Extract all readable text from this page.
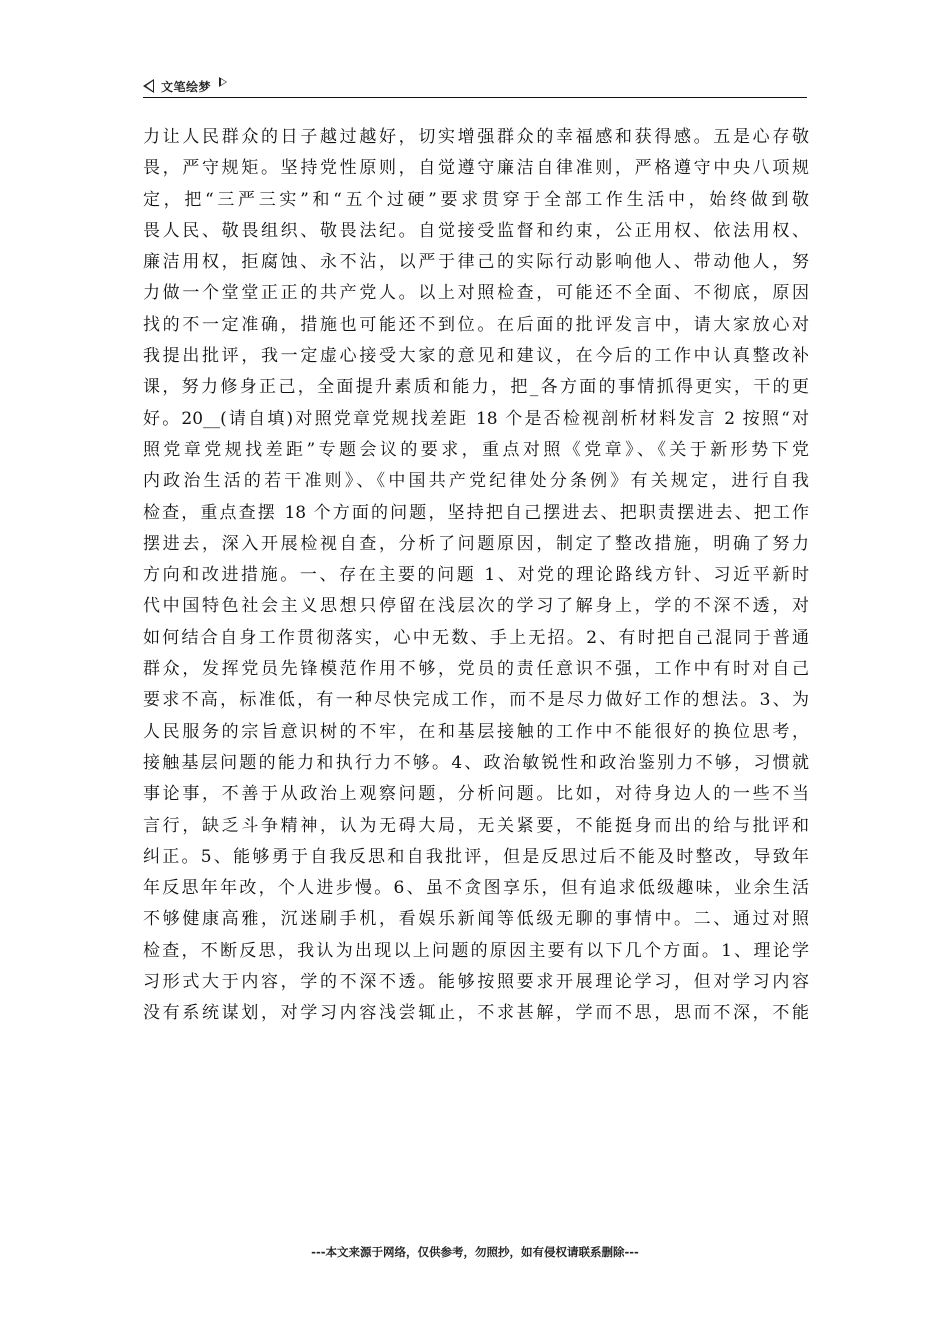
文笔绘梦
力让人民群众的日子越过越好，切实增强群众的幸福感和获得感。五是心存敬
畏，严守规矩。坚持党性原则，自觉遵守廉洁自律准则，严格遵守中央八项规
定，把“三严三实”和“五个过硬”要求贯穿于全部工作生活中，始终做到敬
畏人民、敬畏组织、敬畏法纪。自觉接受监督和约束，公正用权、依法用权、
廉洁用权，拒腐蚀、永不沾，以严于律己的实际行动影响他人、带动他人，努
力做一个堂堂正正的共产党人。以上对照检查，可能还不全面、不彻底，原因
找的不一定准确，措施也可能还不到位。在后面的批评发言中，请大家放心对
我提出批评，我一定虚心接受大家的意见和建议，在今后的工作中认真整改补
课，努力修身正己，全面提升素质和能力，把_各方面的事情抓得更实，干的更
好。20__(请自填)对照党章党规找差距 18 个是否检视剖析材料发言 2 按照“对
照党章党规找差距”专题会议的要求，重点对照《党章》、《关于新形势下党
内政治生活的若干准则》、《中国共产党纪律处分条例》有关规定，进行自我
检查，重点查摆 18 个方面的问题，坚持把自己摆进去、把职责摆进去、把工作
摆进去，深入开展检视自查，分析了问题原因，制定了整改措施，明确了努力
方向和改进措施。一、存在主要的问题 1、对党的理论路线方针、习近平新时
代中国特色社会主义思想只停留在浅层次的学习了解身上，学的不深不透，对
如何结合自身工作贯彻落实，心中无数、手上无招。2、有时把自己混同于普通
群众，发挥党员先锋模范作用不够，党员的责任意识不强，工作中有时对自己
要求不高，标准低，有一种尽快完成工作，而不是尽力做好工作的想法。3、为
人民服务的宗旨意识树的不牢，在和基层接触的工作中不能很好的换位思考，
接触基层问题的能力和执行力不够。4、政治敏锐性和政治鉴别力不够，习惯就
事论事，不善于从政治上观察问题，分析问题。比如，对待身边人的一些不当
言行，缺乏斗争精神，认为无碍大局，无关紧要，不能挺身而出的给与批评和
纠正。5、能够勇于自我反思和自我批评，但是反思过后不能及时整改，导致年
年反思年年改，个人进步慢。6、虽不贪图享乐，但有追求低级趣味，业余生活
不够健康高雅，沉迷刷手机，看娱乐新闻等低级无聊的事情中。二、通过对照
检查，不断反思，我认为出现以上问题的原因主要有以下几个方面。1、理论学
习形式大于内容，学的不深不透。能够按照要求开展理论学习，但对学习内容
没有系统谋划，对学习内容浅尝辄止，不求甚解，学而不思，思而不深，不能
---本文来源于网络，仅供参考，勿照抄，如有侵权请联系删除---
